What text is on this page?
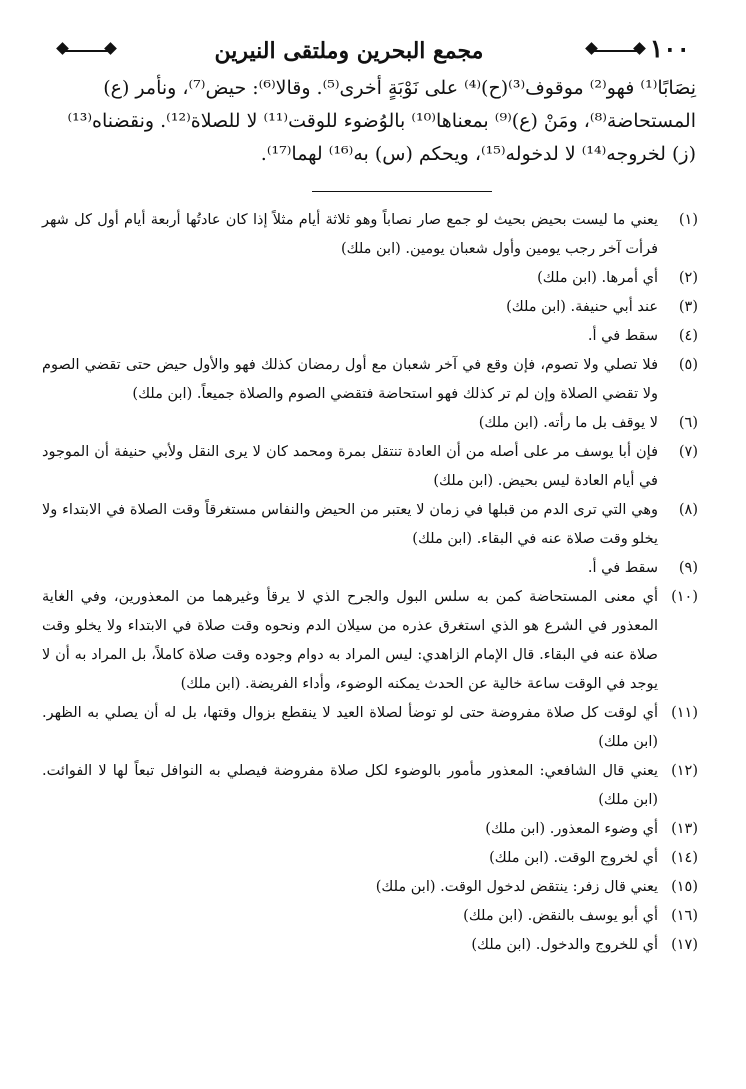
١٠٠
مجمع البحرين وملتقى النيرين
نِصَابًا⁽¹⁾ فهو⁽²⁾ موقوف⁽³⁾(ح)⁽⁴⁾ على نَوْبَةٍ أخرى⁽⁵⁾. وقالا⁽⁶⁾: حيض⁽⁷⁾، ونأمر (ع)
المستحاضة⁽⁸⁾، ومَنْ (ع)⁽⁹⁾ بمعناها⁽¹⁰⁾ بالوُضوء للوقت⁽¹¹⁾ لا للصلاة⁽¹²⁾. ونقضناه⁽¹³⁾
(ز) لخروجه⁽¹⁴⁾ لا لدخوله⁽¹⁵⁾، ويحكم (س) به⁽¹⁶⁾ لهما⁽¹⁷⁾.
(١)
يعني ما ليست بحيض بحيث لو جمع صار نصاباً وهو ثلاثة أيام مثلاً إذا كان عادتُها أربعة أيام أول كل شهر فرأت آخر رجب يومين وأول شعبان يومين. (ابن ملك)
(٢)
أي أمرها. (ابن ملك)
(٣)
عند أبي حنيفة. (ابن ملك)
(٤)
سقط في أ.
(٥)
فلا تصلي ولا تصوم، فإن وقع في آخر شعبان مع أول رمضان كذلك فهو والأول حيض حتى تقضي الصوم ولا تقضي الصلاة وإن لم تر كذلك فهو استحاضة فتقضي الصوم والصلاة جميعاً. (ابن ملك)
(٦)
لا يوقف بل ما رأته. (ابن ملك)
(٧)
فإن أبا يوسف مر على أصله من أن العادة تنتقل بمرة ومحمد كان لا يرى النقل ولأبي حنيفة أن الموجود في أيام العادة ليس بحيض. (ابن ملك)
(٨)
وهي التي ترى الدم من قبلها في زمان لا يعتبر من الحيض والنفاس مستغرقاً وقت الصلاة في الابتداء ولا يخلو وقت صلاة عنه في البقاء. (ابن ملك)
(٩)
سقط في أ.
(١٠)
أي معنى المستحاضة كمن به سلس البول والجرح الذي لا يرقأ وغيرهما من المعذورين، وفي الغاية المعذور في الشرع هو الذي استغرق عذره من سيلان الدم ونحوه وقت صلاة في الابتداء ولا يخلو وقت صلاة عنه في البقاء. قال الإمام الزاهدي: ليس المراد به دوام وجوده وقت صلاة كاملاً، بل المراد به أن لا يوجد في الوقت ساعة خالية عن الحدث يمكنه الوضوء، وأداء الفريضة. (ابن ملك)
(١١)
أي لوقت كل صلاة مفروضة حتى لو توضأ لصلاة العيد لا ينقطع بزوال وقتها، بل له أن يصلي به الظهر. (ابن ملك)
(١٢)
يعني قال الشافعي: المعذور مأمور بالوضوء لكل صلاة مفروضة فيصلي به النوافل تبعاً لها لا الفوائت. (ابن ملك)
(١٣)
أي وضوء المعذور. (ابن ملك)
(١٤)
أي لخروج الوقت. (ابن ملك)
(١٥)
يعني قال زفر: ينتقض لدخول الوقت. (ابن ملك)
(١٦)
أي أبو يوسف بالنقض. (ابن ملك)
(١٧)
أي للخروج والدخول. (ابن ملك)
